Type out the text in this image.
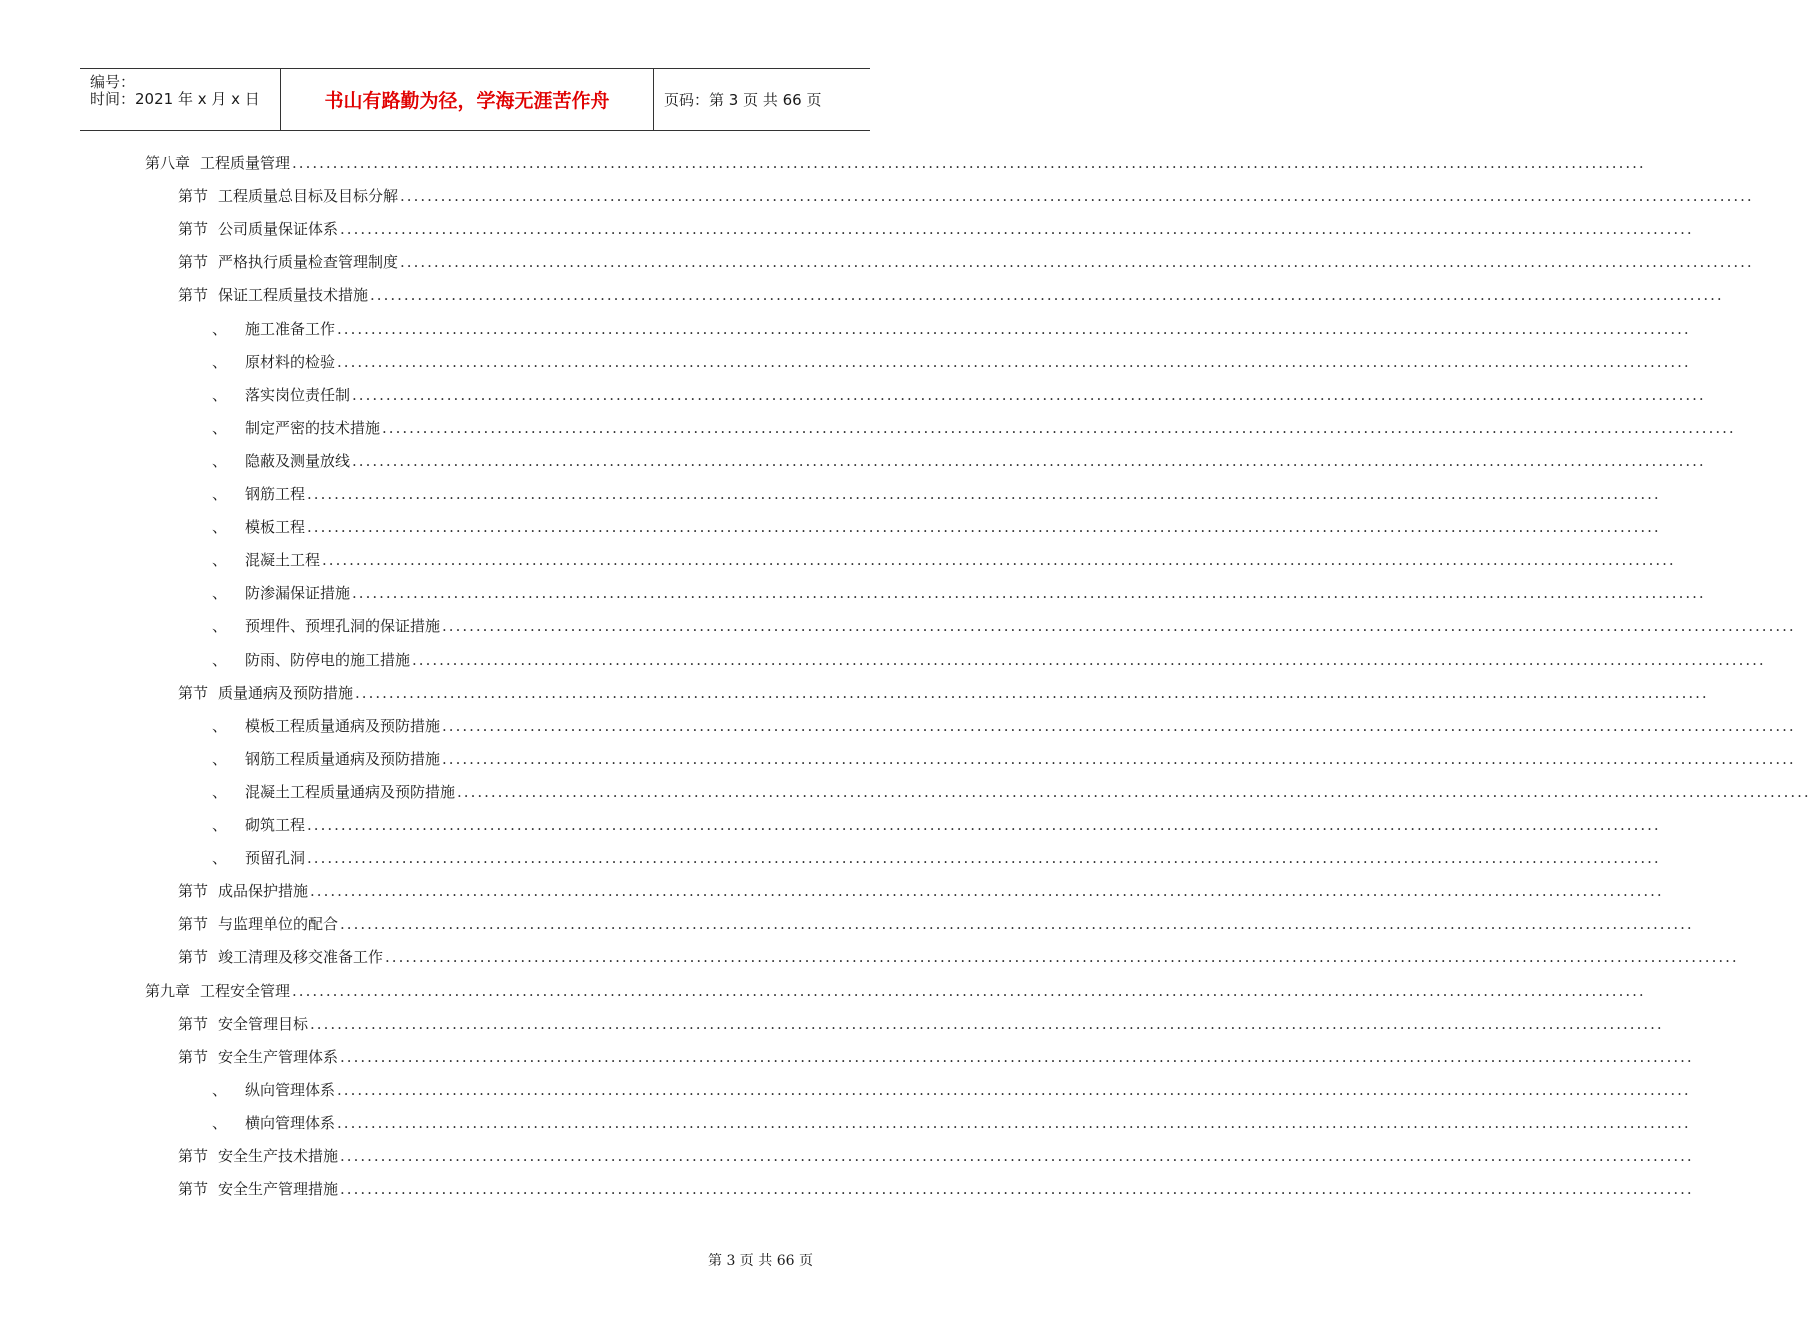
编号：
时间：2021 年 x 月 x 日	书山有路勤为径，学海无涯苦作舟	页码：第 3 页 共 66 页
第八章 工程质量管理 ........................................................................................................................................................................................................
第节 工程质量总目标及目标分解 ........................................................................................................................................................................................................
第节 公司质量保证体系 ........................................................................................................................................................................................................
第节 严格执行质量检查管理制度 ........................................................................................................................................................................................................
第节 保证工程质量技术措施 ........................................................................................................................................................................................................
、 施工准备工作 ........................................................................................................................................................................................................
、 原材料的检验 ........................................................................................................................................................................................................
、 落实岗位责任制 ........................................................................................................................................................................................................
、 制定严密的技术措施 ........................................................................................................................................................................................................
、 隐蔽及测量放线 ........................................................................................................................................................................................................
、 钢筋工程 ........................................................................................................................................................................................................
、 模板工程 ........................................................................................................................................................................................................
、 混凝土工程 ........................................................................................................................................................................................................
、 防渗漏保证措施 ........................................................................................................................................................................................................
、 预埋件、预埋孔洞的保证措施 ........................................................................................................................................................................................................
、 防雨、防停电的施工措施 ........................................................................................................................................................................................................
第节 质量通病及预防措施 ........................................................................................................................................................................................................
、 模板工程质量通病及预防措施 ........................................................................................................................................................................................................
、 钢筋工程质量通病及预防措施 ........................................................................................................................................................................................................
、 混凝土工程质量通病及预防措施 ........................................................................................................................................................................................................
、 砌筑工程 ........................................................................................................................................................................................................
、 预留孔洞 ........................................................................................................................................................................................................
第节 成品保护措施 ........................................................................................................................................................................................................
第节 与监理单位的配合 ........................................................................................................................................................................................................
第节 竣工清理及移交准备工作 ........................................................................................................................................................................................................
第九章 工程安全管理 ........................................................................................................................................................................................................
第节 安全管理目标 ........................................................................................................................................................................................................
第节 安全生产管理体系 ........................................................................................................................................................................................................
、 纵向管理体系 ........................................................................................................................................................................................................
、 横向管理体系 ........................................................................................................................................................................................................
第节 安全生产技术措施 ........................................................................................................................................................................................................
第节 安全生产管理措施 ........................................................................................................................................................................................................
第 3 页 共 66 页
